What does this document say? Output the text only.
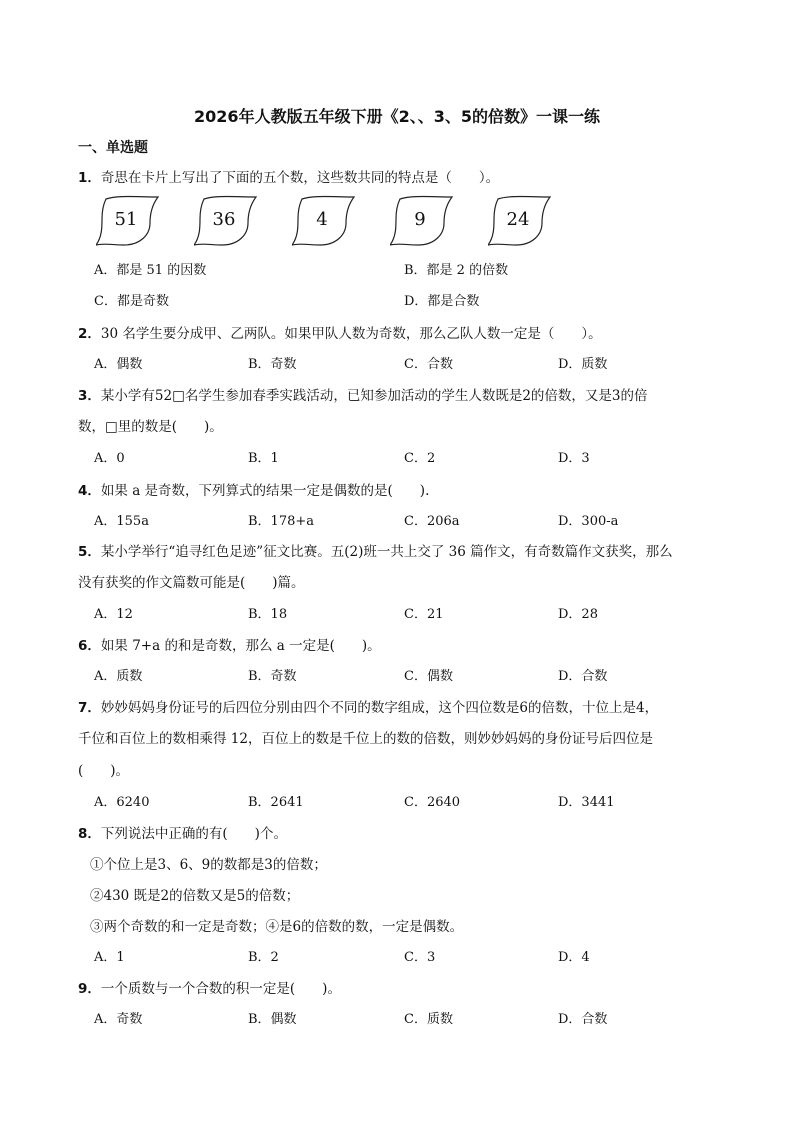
2026年人教版五年级下册《2、、3、5的倍数》一课一练
一、单选题
1．奇思在卡片上写出了下面的五个数，这些数共同的特点是（　　）。
51	36	4	9	24
A．都是 51 的因数	B．都是 2 的倍数
C．都是奇数	D．都是合数
2．30 名学生要分成甲、乙两队。如果甲队人数为奇数，那么乙队人数一定是（　　）。
A．偶数	B．奇数	C．合数	D．质数
3．某小学有52□名学生参加春季实践活动，已知参加活动的学生人数既是2的倍数，又是3的倍
数，□里的数是(　　)。
A．0	B．1	C．2	D．3
4．如果 a 是奇数，下列算式的结果一定是偶数的是(　　).
A．155a	B．178+a	C．206a	D．300-a
5．某小学举行“追寻红色足迹”征文比赛。五(2)班一共上交了 36 篇作文，有奇数篇作文获奖，那么
没有获奖的作文篇数可能是(　　)篇。
A．12	B．18	C．21	D．28
6．如果 7+a 的和是奇数，那么 a 一定是(　　)。
A．质数	B．奇数	C．偶数	D．合数
7．妙妙妈妈身份证号的后四位分别由四个不同的数字组成，这个四位数是6的倍数，十位上是4，
千位和百位上的数相乘得 12，百位上的数是千位上的数的倍数，则妙妙妈妈的身份证号后四位是
(　　)。
A．6240	B．2641	C．2640	D．3441
8．下列说法中正确的有(　　)个。
①个位上是3、6、9的数都是3的倍数；
②430 既是2的倍数又是5的倍数；
③两个奇数的和一定是奇数；④是6的倍数的数，一定是偶数。
A．1	B．2	C．3	D．4
9．一个质数与一个合数的积一定是(　　)。
A．奇数	B．偶数	C．质数	D．合数
